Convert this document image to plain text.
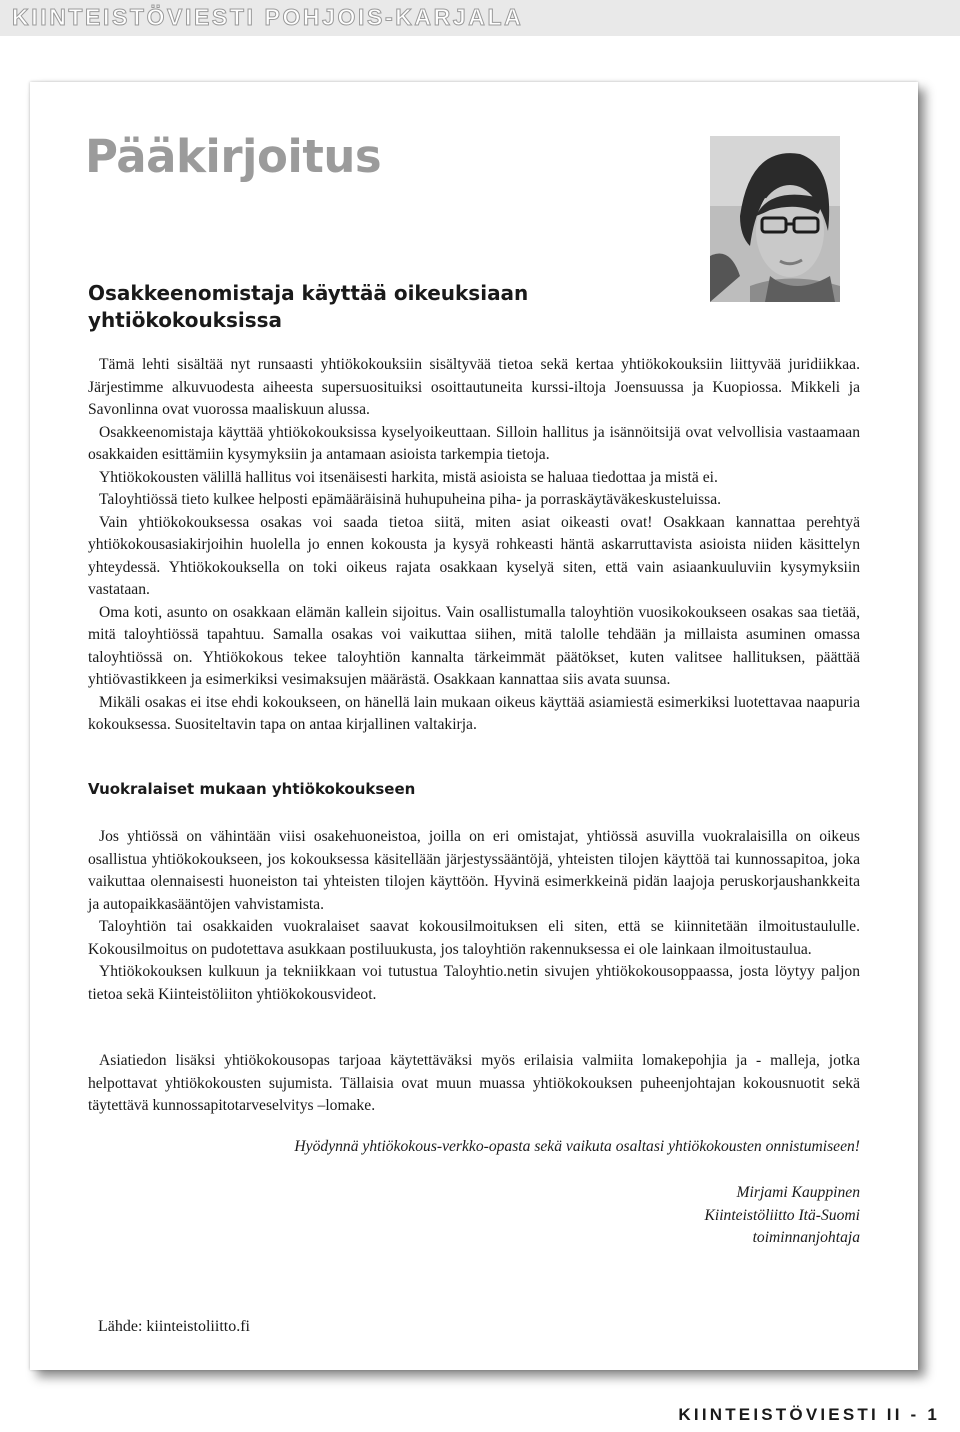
KIINTEISTÖVIESTI POHJOIS-KARJALA
Pääkirjoitus
Osakkeenomistaja käyttää oikeuksiaan yhtiökokouksissa

Tämä lehti sisältää nyt runsaasti yhtiökokouksiin sisältyvää tietoa sekä kertaa yhtiökokouksiin liittyvää juridiikkaa. Järjestimme alkuvuodesta aiheesta supersuosituiksi osoittautuneita kurssi-iltoja Joensuussa ja Kuopiossa. Mikkeli ja Savonlinna ovat vuorossa maaliskuun alussa.

Osakkeenomistaja käyttää yhtiökokouksissa kyselyoikeuttaan. Silloin hallitus ja isännöitsijä ovat velvollisia vastaamaan osakkaiden esittämiin kysymyksiin ja antamaan asioista tarkempia tietoja.

Yhtiökokousten välillä hallitus voi itsenäisesti harkita, mistä asioista se haluaa tiedottaa ja mistä ei.

Taloyhtiössä tieto kulkee helposti epämääräisinä huhupuheina piha- ja porraskäytäväkeskusteluissa.

Vain yhtiökokouksessa osakas voi saada tietoa siitä, miten asiat oikeasti ovat! Osakkaan kannattaa perehtyä yhtiökokousasiakirjoihin huolella jo ennen kokousta ja kysyä rohkeasti häntä askarruttavista asioista niiden käsittelyn yhteydessä. Yhtiökokouksella on toki oikeus rajata osakkaan kyselyä siten, että vain asiaankuuluviin kysymyksiin vastataan.

Oma koti, asunto on osakkaan elämän kallein sijoitus. Vain osallistumalla taloyhtiön vuosikokoukseen osakas saa tietää, mitä taloyhtiössä tapahtuu. Samalla osakas voi vaikuttaa siihen, mitä talolle tehdään ja millaista asuminen omassa taloyhtiössä on. Yhtiökokous tekee taloyhtiön kannalta tärkeimmät päätökset, kuten valitsee hallituksen, päättää yhtiövastikkeen ja esimerkiksi vesimaksujen määrästä. Osakkaan kannattaa siis avata suunsa.

Mikäli osakas ei itse ehdi kokoukseen, on hänellä lain mukaan oikeus käyttää asiamiestä esimerkiksi luotettavaa naapuria kokouksessa. Suositeltavin tapa on antaa kirjallinen valtakirja.

Vuokralaiset mukaan yhtiökokoukseen

Jos yhtiössä on vähintään viisi osakehuoneistoa, joilla on eri omistajat, yhtiössä asuvilla vuokralaisilla on oikeus osallistua yhtiökokoukseen, jos kokouksessa käsitellään järjestyssääntöjä, yhteisten tilojen käyttöä tai kunnossapitoa, joka vaikuttaa olennaisesti huoneiston tai yhteisten tilojen käyttöön. Hyvinä esimerkkeinä pidän laajoja peruskorjaushankkeita ja autopaikkasääntöjen vahvistamista.

Taloyhtiön tai osakkaiden vuokralaiset saavat kokousilmoituksen eli siten, että se kiinnitetään ilmoitustaululle. Kokousilmoitus on pudotettava asukkaan postiluukusta, jos taloyhtiön rakennuksessa ei ole lainkaan ilmoitustaulua.

Yhtiökokouksen kulkuun ja tekniikkaan voi tutustua Taloyhtio.netin sivujen yhtiökokousoppaassa, josta löytyy paljon tietoa sekä Kiinteistöliiton yhtiökokousvideot.

Asiatiedon lisäksi yhtiökokousopas tarjoaa käytettäväksi myös erilaisia valmiita lomakepohjia ja - malleja, jotka helpottavat yhtiökokousten sujumista. Tällaisia ovat muun muassa yhtiökokouksen puheenjohtajan kokousnuotit sekä täytettävä kunnossapitotarveselvitys –lomake.

Hyödynnä yhtiökokous-verkko-opasta sekä vaikuta osaltasi yhtiökokousten onnistumiseen!
Mirjami Kauppinen
Kiinteistöliitto Itä-Suomi
toiminnanjohtaja
Lähde: kiinteistoliitto.fi
KIINTEISTÖVIESTI II - 1
